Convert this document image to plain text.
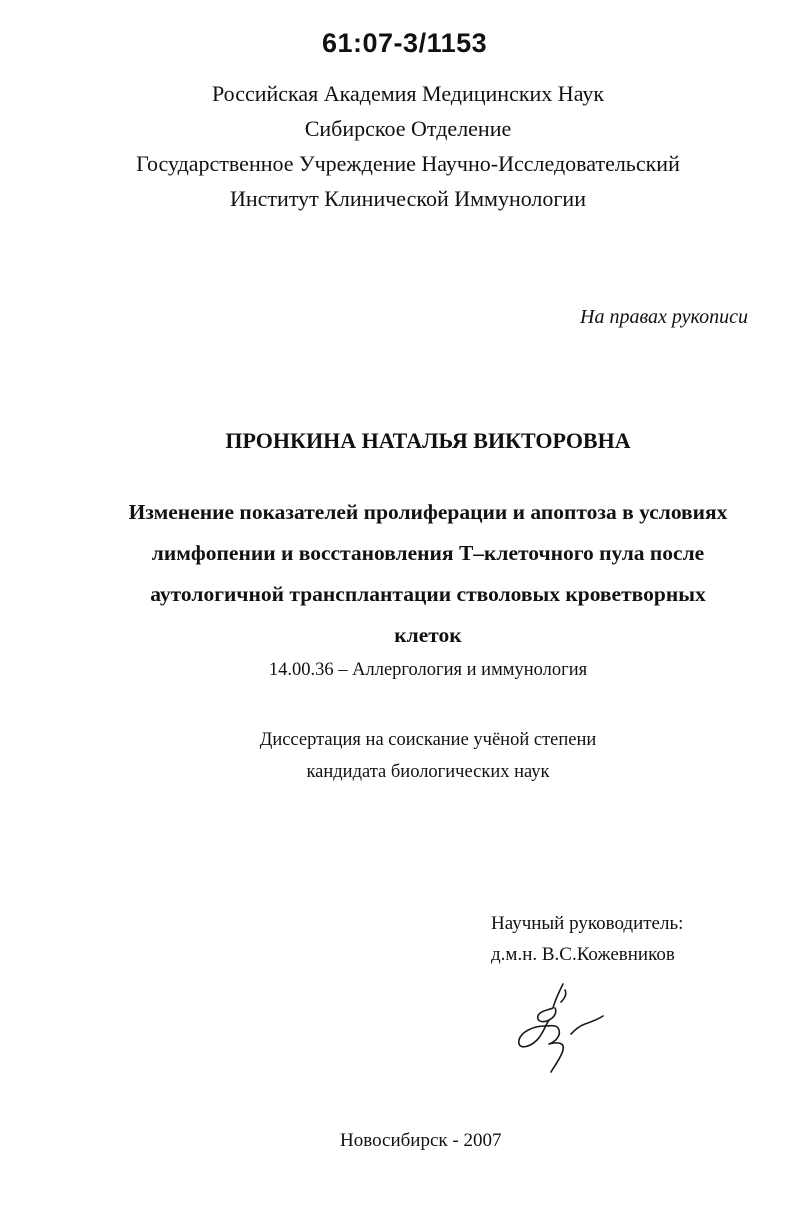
61:07-3/1153
Российская Академия Медицинских Наук
Сибирское Отделение
Государственное Учреждение Научно-Исследовательский
Институт Клинической Иммунологии
На правах рукописи
ПРОНКИНА НАТАЛЬЯ ВИКТОРОВНА
Изменение показателей пролиферации и апоптоза в условиях
лимфопении и восстановления Т–клеточного пула после
аутологичной трансплантации стволовых кроветворных
клеток
14.00.36 – Аллергология и иммунология
Диссертация на соискание учёной степени
кандидата биологических наук
Научный руководитель:
д.м.н. В.С.Кожевников
Новосибирск - 2007
